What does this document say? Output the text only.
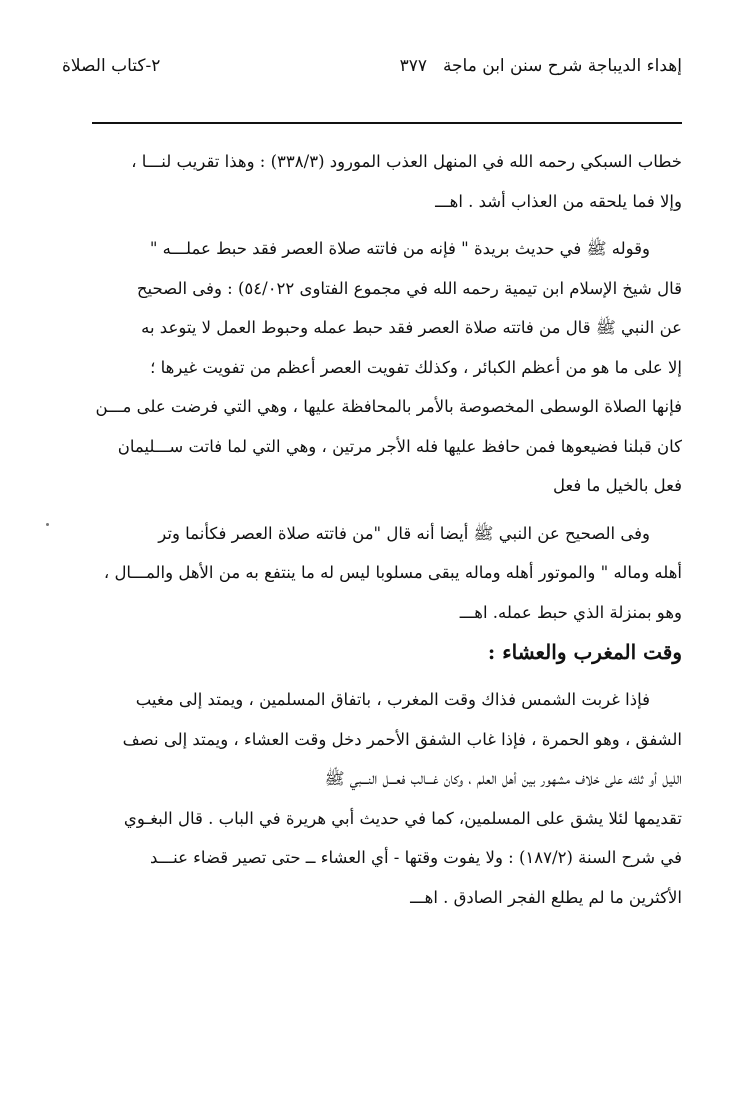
إهداء الديباجة شرح سنن ابن ماجة
٣٧٧
٢-كتاب الصلاة
خطاب السبكي رحمه الله في المنهل العذب المورود (٣٣٨/٣) : وهذا تقريب لنـــا ،
وإلا فما يلحقه من العذاب أشد . اهـــ
وقوله ﷺ في حديث بريدة " فإنه من فاتته صلاة العصر فقد حبط عملـــه "
قال شيخ الإسلام ابن تيمية رحمه الله في مجموع الفتاوى ٥٤/٠٢٢) : وفى الصحيح
عن النبي ﷺ قال من فاتته صلاة العصر فقد حبط عمله وحبوط العمل لا يتوعد به
إلا على ما هو من أعظم الكبائر ، وكذلك تفويت العصر أعظم من تفويت غيرها ؛
فإنها الصلاة الوسطى المخصوصة بالأمر بالمحافظة عليها ، وهي التي فرضت على مـــن
كان قبلنا فضيعوها فمن حافظ عليها فله الأجر مرتين ، وهي التي لما فاتت ســـليمان
فعل بالخيل ما فعل
وفى الصحيح عن النبي ﷺ أيضا أنه قال "من فاتته صلاة العصر فكأنما وتر
أهله وماله " والموتور أهله وماله يبقى مسلوبا ليس له ما ينتفع به من الأهل والمـــال ،
وهو بمنزلة الذي حبط عمله. اهـــ
وقت المغرب والعشاء :
فإذا غربت الشمس فذاك وقت المغرب ، باتفاق المسلمين ، ويمتد إلى مغيب
الشفق ، وهو الحمرة ، فإذا غاب الشفق الأحمر دخل وقت العشاء ، ويمتد إلى نصف
الليل أو ثلثه على خلاف مشهور بين أهل العلم ، وكان غـــالب فعـــل النـــبي ﷺ
تقديمها لئلا يشق على المسلمين، كما في حديث أبي هريرة في الباب . قال البغـوي
في شرح السنة (١٨٧/٢) : ولا يفوت وقتها - أي العشاء ــ حتى تصير قضاء عنـــد
الأكثرين ما لم يطلع الفجر الصادق . اهـــ
